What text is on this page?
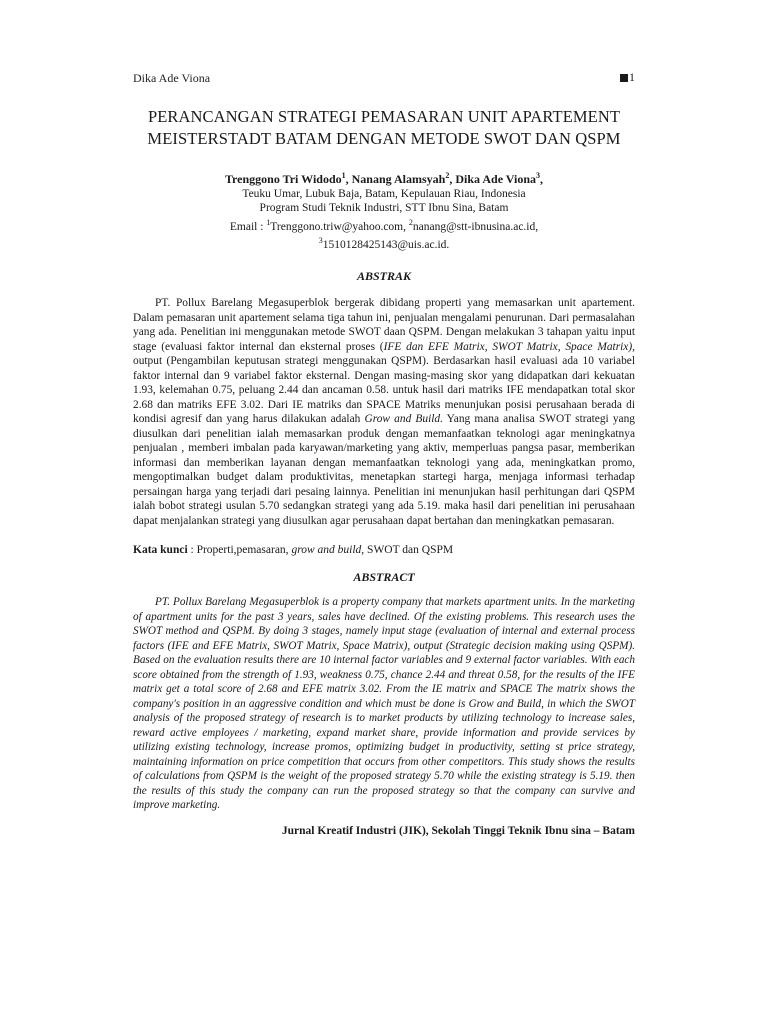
Dika Ade Viona	1
PERANCANGAN STRATEGI PEMASARAN UNIT APARTEMENT
MEISTERSTADT BATAM DENGAN METODE SWOT DAN QSPM
Trenggono Tri Widodo$^1$, Nanang Alamsyah$^2$, Dika Ade Viona$^3$,
Teuku Umar, Lubuk Baja, Batam, Kepulauan Riau, Indonesia
Program Studi Teknik Industri, STT Ibnu Sina, Batam
Email : $^1$Trenggono.triw@yahoo.com, $^2$nanang@stt-ibnusina.ac.id,
$^3$1510128425143@uis.ac.id.
ABSTRAK

PT. Pollux Barelang Megasuperblok bergerak dibidang properti yang memasarkan unit apartement. Dalam pemasaran unit apartement selama tiga tahun ini, penjualan mengalami penurunan. Dari permasalahan yang ada. Penelitian ini menggunakan metode SWOT daan QSPM. Dengan melakukan 3 tahapan yaitu input stage (evaluasi faktor internal dan eksternal proses (IFE dan EFE Matrix, SWOT Matrix, Space Matrix), output (Pengambilan keputusan strategi menggunakan QSPM). Berdasarkan hasil evaluasi ada 10 variabel faktor internal dan 9 variabel faktor eksternal. Dengan masing-masing skor yang didapatkan dari kekuatan 1.93, kelemahan 0.75, peluang 2.44 dan ancaman 0.58. untuk hasil dari matriks IFE mendapatkan total skor 2.68 dan matriks EFE 3.02. Dari IE matriks dan SPACE Matriks menunjukan posisi perusahaan berada di kondisi agresif dan yang harus dilakukan adalah Grow and Build. Yang mana analisa SWOT strategi yang diusulkan dari penelitian ialah memasarkan produk dengan memanfaatkan teknologi agar meningkatnya penjualan , memberi imbalan pada karyawan/marketing yang aktiv, memperluas pangsa pasar, memberikan informasi dan memberikan layanan dengan memanfaatkan teknologi yang ada, meningkatkan promo, mengoptimalkan budget dalam produktivitas, menetapkan startegi harga, menjaga informasi terhadap persaingan harga yang terjadi dari pesaing lainnya. Penelitian ini menunjukan hasil perhitungan dari QSPM ialah bobot strategi usulan 5.70 sedangkan strategi yang ada 5.19. maka hasil dari penelitian ini perusahaan dapat menjalankan strategi yang diusulkan agar perusahaan dapat bertahan dan meningkatkan pemasaran.

Kata kunci : Properti,pemasaran, grow and build, SWOT dan QSPM
ABSTRACT

PT. Pollux Barelang Megasuperblok is a property company that markets apartment units. In the marketing of apartment units for the past 3 years, sales have declined. Of the existing problems. This research uses the SWOT method and QSPM. By doing 3 stages, namely input stage (evaluation of internal and external process factors (IFE and EFE Matrix, SWOT Matrix, Space Matrix), output (Strategic decision making using QSPM). Based on the evaluation results there are 10 internal factor variables and 9 external factor variables. With each score obtained from the strength of 1.93, weakness 0.75, chance 2.44 and threat 0.58, for the results of the IFE matrix get a total score of 2.68 and EFE matrix 3.02. From the IE matrix and SPACE The matrix shows the company's position in an aggressive condition and which must be done is Grow and Build, in which the SWOT analysis of the proposed strategy of research is to market products by utilizing technology to increase sales, reward active employees / marketing, expand market share, provide information and provide services by utilizing existing technology, increase promos, optimizing budget in productivity, setting st price strategy, maintaining information on price competition that occurs from other competitors. This study shows the results of calculations from QSPM is the weight of the proposed strategy 5.70 while the existing strategy is 5.19. then the results of this study the company can run the proposed strategy so that the company can survive and improve marketing.

Jurnal Kreatif Industri (JIK), Sekolah Tinggi Teknik Ibnu sina – Batam
